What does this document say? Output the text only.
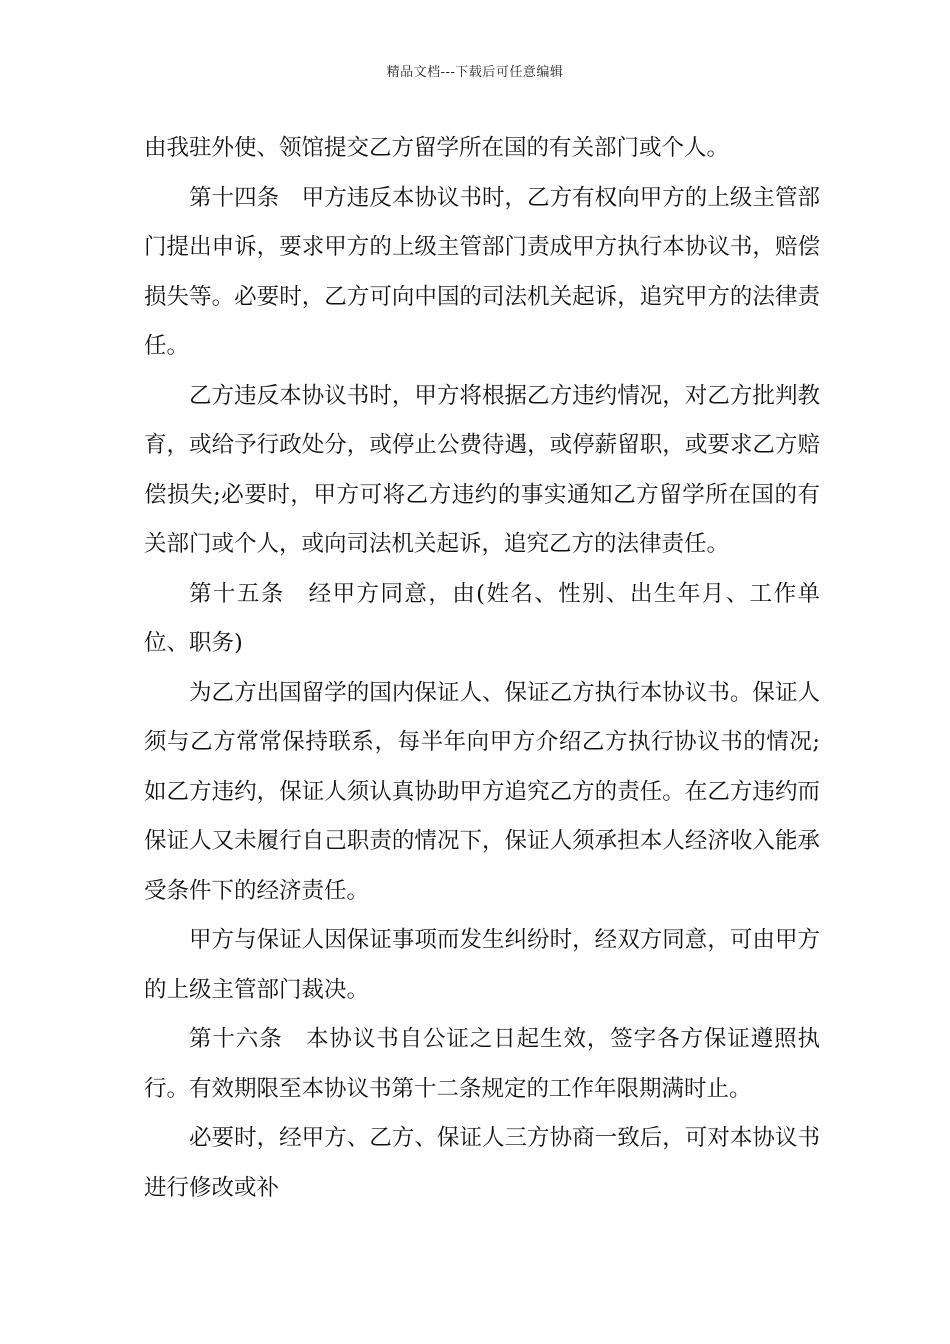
精品文档---下载后可任意编辑

由我驻外使、领馆提交乙方留学所在国的有关部门或个人。

第十四条　甲方违反本协议书时，乙方有权向甲方的上级主管部门提出申诉，要求甲方的上级主管部门责成甲方执行本协议书，赔偿损失等。必要时，乙方可向中国的司法机关起诉，追究甲方的法律责任。

乙方违反本协议书时，甲方将根据乙方违约情况，对乙方批判教育，或给予行政处分，或停止公费待遇，或停薪留职，或要求乙方赔偿损失;必要时，甲方可将乙方违约的事实通知乙方留学所在国的有关部门或个人，或向司法机关起诉，追究乙方的法律责任。

第十五条　经甲方同意，由(姓名、性别、出生年月、工作单位、职务)

为乙方出国留学的国内保证人、保证乙方执行本协议书。保证人须与乙方常常保持联系，每半年向甲方介绍乙方执行协议书的情况;如乙方违约，保证人须认真协助甲方追究乙方的责任。在乙方违约而保证人又未履行自己职责的情况下，保证人须承担本人经济收入能承受条件下的经济责任。

甲方与保证人因保证事项而发生纠纷时，经双方同意，可由甲方的上级主管部门裁决。

第十六条　本协议书自公证之日起生效，签字各方保证遵照执行。有效期限至本协议书第十二条规定的工作年限期满时止。

必要时，经甲方、乙方、保证人三方协商一致后，可对本协议书进行修改或补
